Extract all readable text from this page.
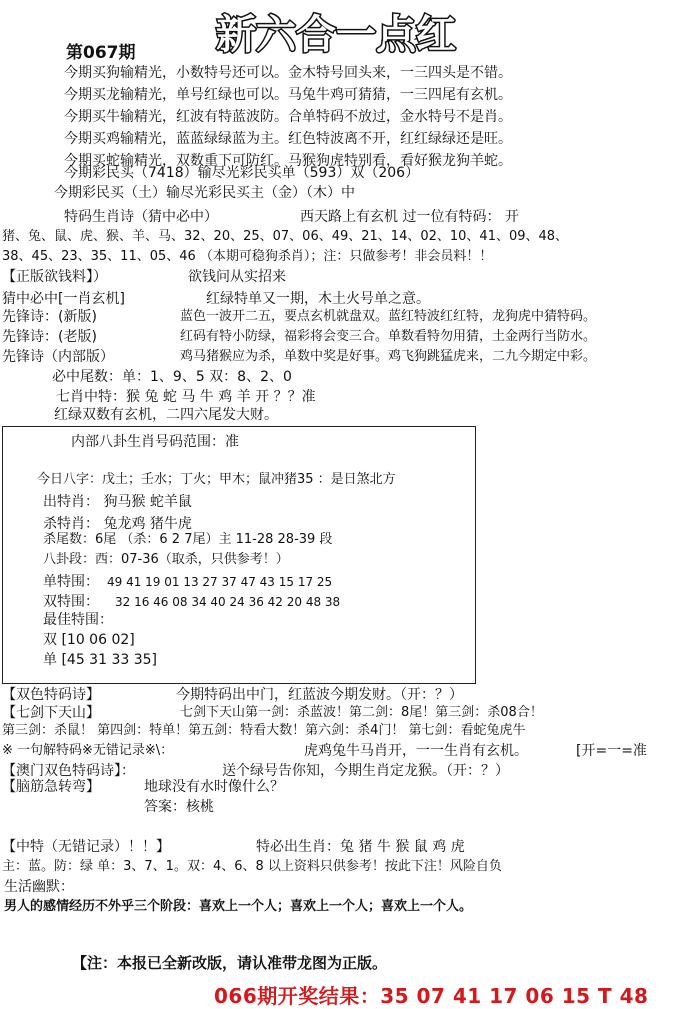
第067期 新六合一点红
今期买狗输精光，小数特号还可以。金木特号回头来，一三四头是不错。
今期买龙输精光，单号红绿也可以。马兔牛鸡可猜猜，一三四尾有玄机。
今期买牛输精光，红波有特蓝波防。合单特码不放过，金水特号不是肖。
今期买鸡输精光，蓝蓝绿绿蓝为主。红色特波离不开，红红绿绿还是旺。
今期买蛇输精光，双数重下可防红。马猴狗虎特别看，看好猴龙狗羊蛇。
今期彩民买（7418）输尽光彩民买单（593）双（206）
今期彩民买（土）输尽光彩民买主（金）（木）中
特码生肖诗（猜中必中）	西天路上有玄机 过一位有特码： 开
猪、兔、鼠、虎、猴、羊、马、32、20、25、07、06、49、21、14、02、10、41、09、48、
38、45、23、35、11、05、46 （本期可稳狗杀肖）；注：只做参考！非会员料！！
【正版欲钱料】）	欲钱问从实招来
猜中必中[一肖玄机]	红绿特单又一期，木土火号单之意。
先锋诗：(新版)	蓝色一波开二五，要点玄机就盘双。蓝红特波红红特，龙狗虎中猜特码。
先锋诗：(老版)	红码有特小防绿，福彩将会变三合。单数看特勿用猜，土金两行当防水。
先锋诗（内部版）	鸡马猪猴应为杀，单数中奖是好事。鸡飞狗跳猛虎来，二九今期定中彩。
必中尾数：单：1、9、5 双：8、2、0
七肖中特：猴 兔 蛇 马 牛 鸡 羊 开 ？？准
红绿双数有玄机，二四六尾发大财。
内部八卦生肖号码范围：准
今日八字：戊土；壬水；丁火；甲木；鼠冲猪35 ：是日煞北方
出特肖： 狗马猴 蛇羊鼠
杀特肖： 兔龙鸡 猪牛虎
杀尾数：6尾 （杀：6 2 7尾）主 11-28 28-39 段
八卦段：西：07-36（取杀，只供参考！）
单特围： 49 41 19 01 13 27 37 47 43 15 17 25
双特围： 32 16 46 08 34 40 24 36 42 20 48 38
最佳特围：
双 [10 06 02]
单 [45 31 33 35]
【双色特码诗】	今期特码出中门，红蓝波今期发财。（开：？）
【七剑下天山】	七剑下天山第一剑：杀蓝波！第二剑：8尾！第三剑：杀08合！
第三剑：杀鼠！ 第四剑：特单！第五剑：特看大数！第六剑：杀4门！ 第七剑：看蛇兔虎牛
※ 一句解特码※无错记录※\：	虎鸡兔牛马肖开，一一生肖有玄机。	[开=一=准
【澳门双色特码诗】：	送个绿号告你知，今期生肖定龙猴。（开：？）
【脑筋急转弯】	地球没有水时像什么？
答案：核桃
【中特（无错记录）！！】	特必出生肖：兔 猪 牛 猴 鼠 鸡 虎
主：蓝。防：绿 单：3、7、1。双：4、6、8 以上资料只供参考！按此下注！风险自负
生活幽默：
男人的感情经历不外乎三个阶段：喜欢上一个人；喜欢上一个人；喜欢上一个人。
【注：本报已全新改版，请认准带龙图为正版。
066期开奖结果：35 07 41 17 06 15 T 48
